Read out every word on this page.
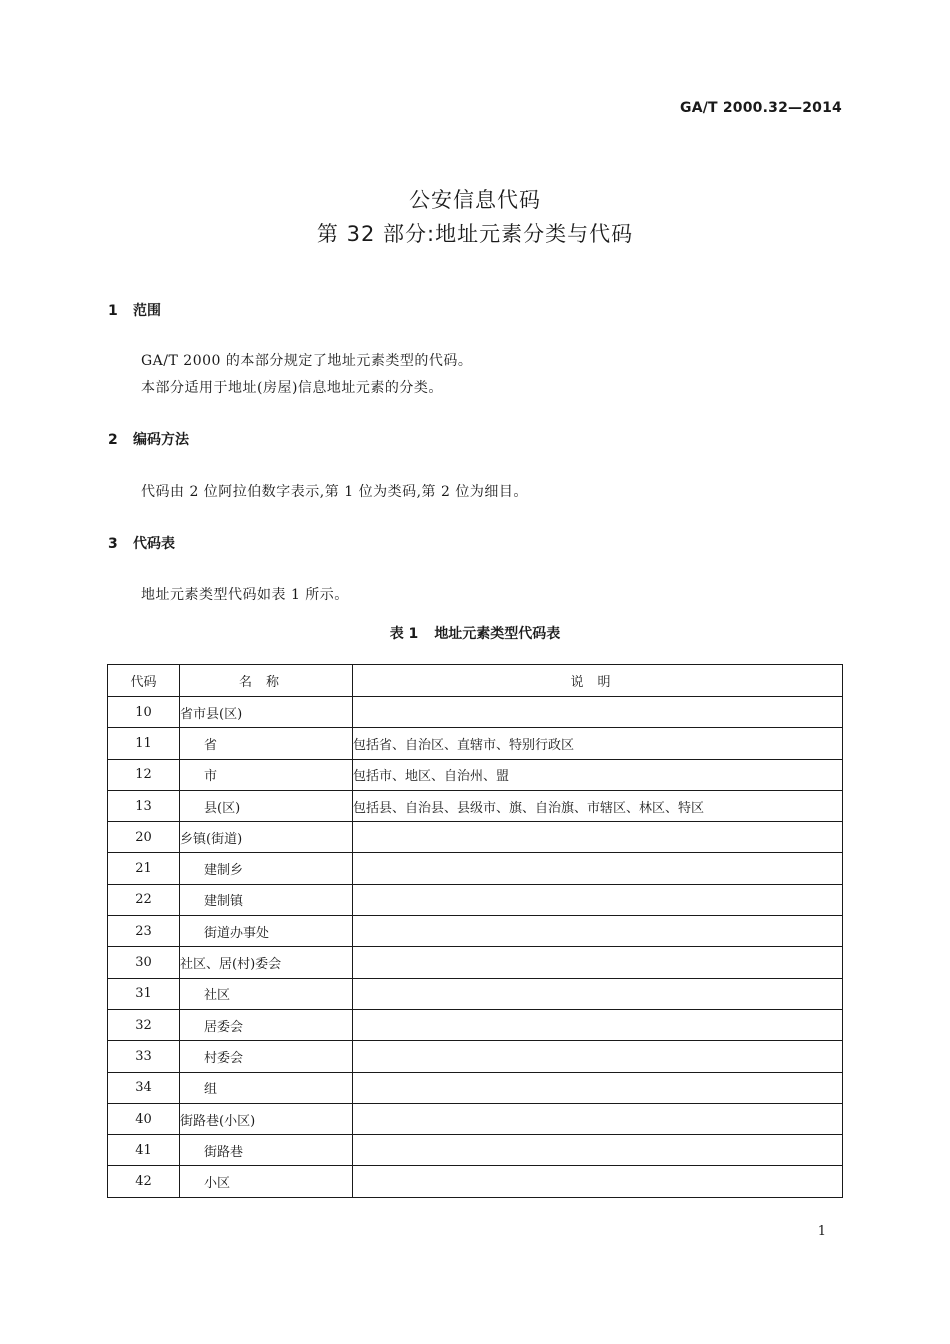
GA/T 2000.32—2014
公安信息代码
第 32 部分:地址元素分类与代码
1 范围
GA/T 2000 的本部分规定了地址元素类型的代码。
本部分适用于地址(房屋)信息地址元素的分类。
2 编码方法
代码由 2 位阿拉伯数字表示,第 1 位为类码,第 2 位为细目。
3 代码表
地址元素类型代码如表 1 所示。
表 1 地址元素类型代码表
代码	名称	说明
10	省市县(区)	
11	省	包括省、自治区、直辖市、特别行政区
12	市	包括市、地区、自治州、盟
13	县(区)	包括县、自治县、县级市、旗、自治旗、市辖区、林区、特区
20	乡镇(街道)	
21	建制乡	
22	建制镇	
23	街道办事处	
30	社区、居(村)委会	
31	社区	
32	居委会	
33	村委会	
34	组	
40	街路巷(小区)	
41	街路巷	
42	小区	
1
